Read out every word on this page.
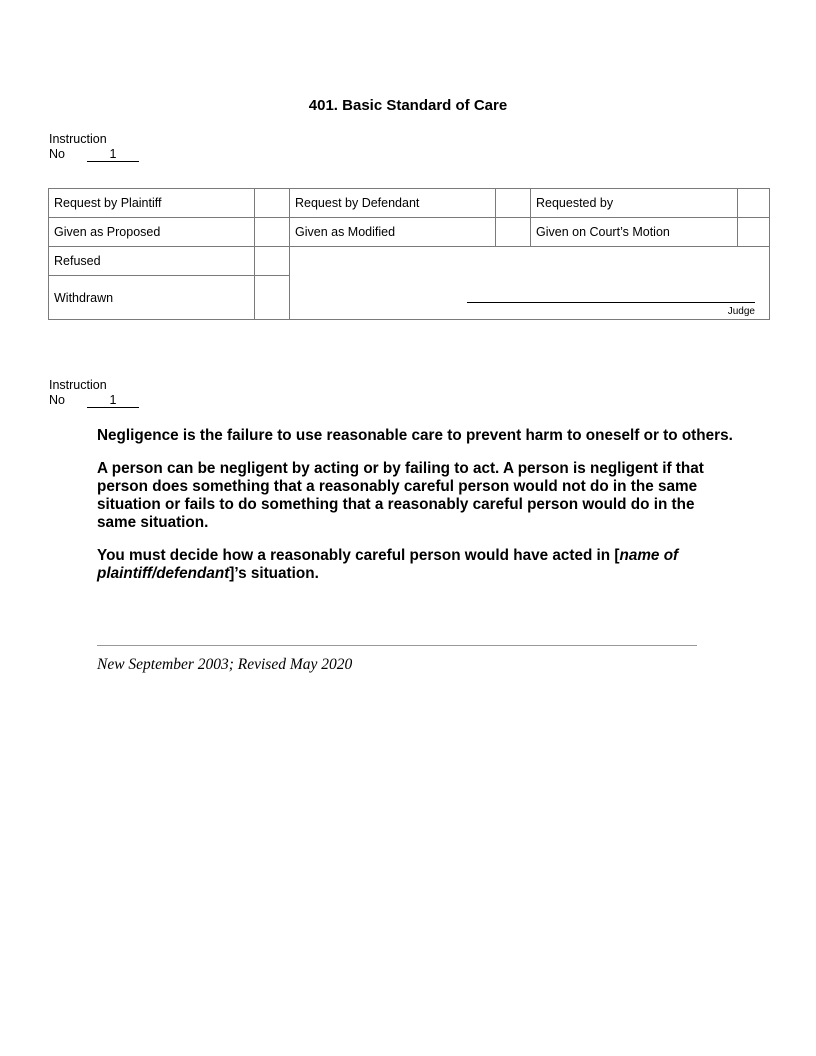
401. Basic Standard of Care
Instruction
No	1
Request by Plaintiff		Request by Defendant		Requested by	
Given as Proposed		Given as Modified		Given on Court’s Motion	
Refused		Judge			

Withdrawn					
Instruction
No	1

Negligence is the failure to use reasonable care to prevent harm to oneself or to others.

A person can be negligent by acting or by failing to act. A person is negligent if that person does something that a reasonably careful person would not do in the same situation or fails to do something that a reasonably careful person would do in the same situation.

You must decide how a reasonably careful person would have acted in [name of plaintiff/defendant]’s situation.

New September 2003; Revised May 2020
